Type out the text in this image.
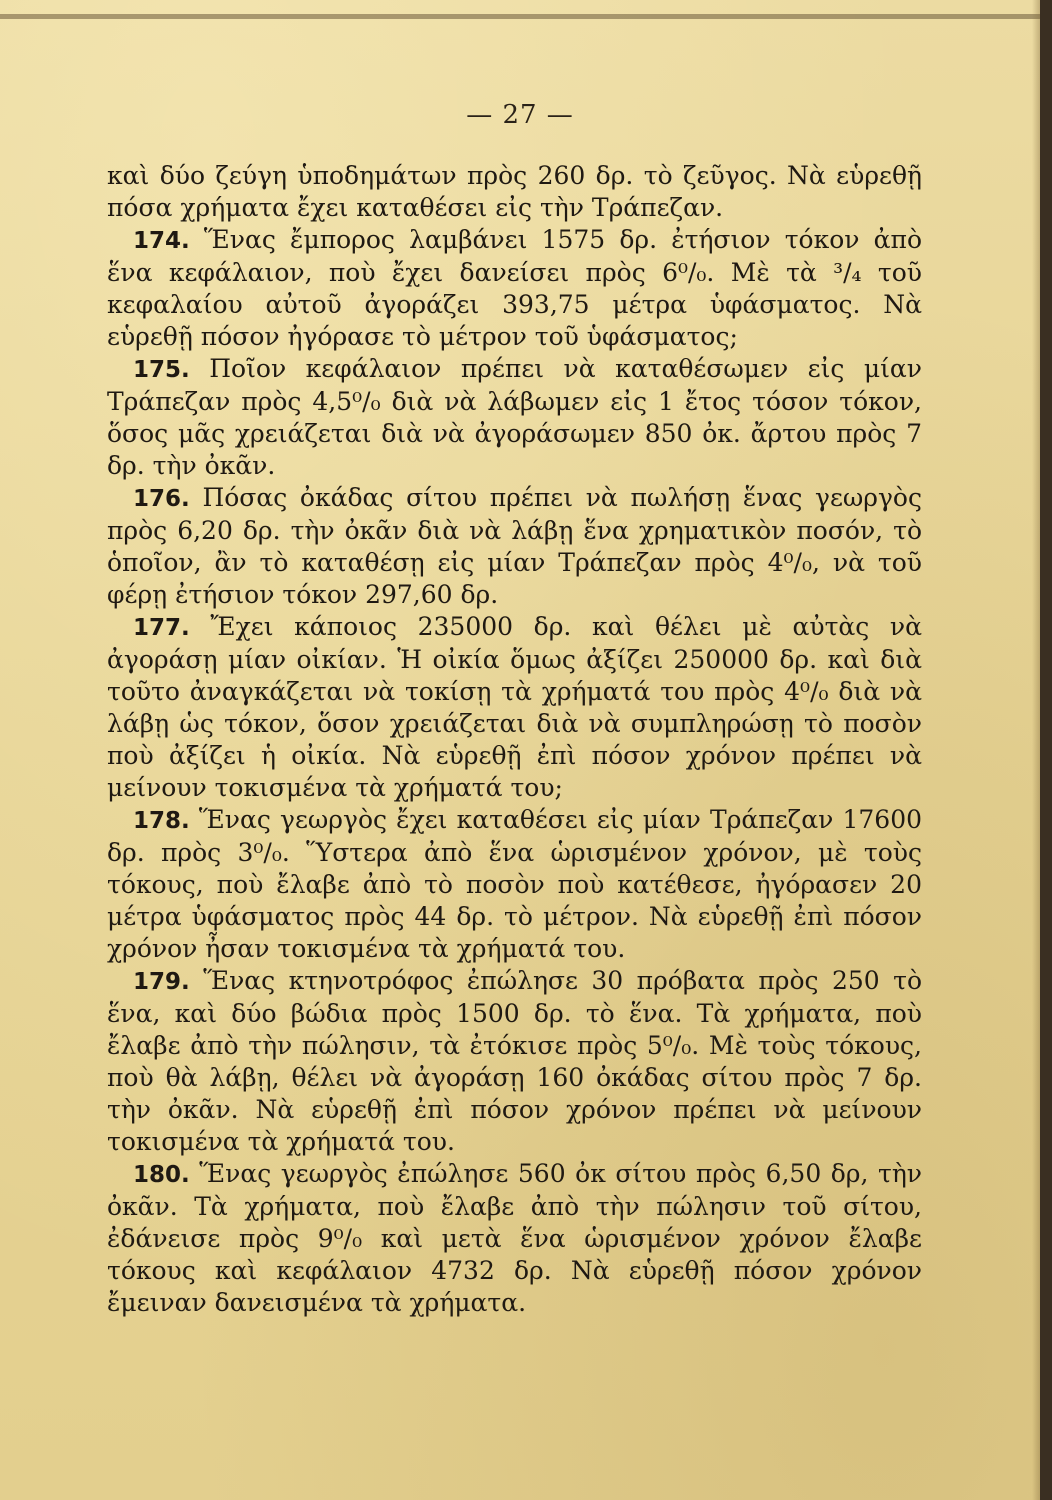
— 27 —

καὶ δύο ζεύγη ὑποδημάτων πρὸς 260 δρ. τὸ ζεῦγος. Νὰ εὑρεθῇ πόσα χρήματα ἔχει καταθέσει εἰς τὴν Τράπεζαν.

174. Ἕνας ἔμπορος λαμβάνει 1575 δρ. ἐτήσιον τόκον ἀπὸ ἕνα κεφάλαιον, ποὺ ἔχει δανείσει πρὸς 6⁰/₀. Μὲ τὰ ³/₄ τοῦ κεφαλαίου αὐτοῦ ἀγοράζει 393,75 μέτρα ὑφάσματος. Νὰ εὑρεθῇ πόσον ἠγόρασε τὸ μέτρον τοῦ ὑφάσματος;

175. Ποῖον κεφάλαιον πρέπει νὰ καταθέσωμεν εἰς μίαν Τράπεζαν πρὸς 4,5⁰/₀ διὰ νὰ λάβωμεν εἰς 1 ἔτος τόσον τόκον, ὅσος μᾶς χρειάζεται διὰ νὰ ἀγοράσωμεν 850 ὀκ. ἄρτου πρὸς 7 δρ. τὴν ὀκᾶν.

176. Πόσας ὀκάδας σίτου πρέπει νὰ πωλήσῃ ἕνας γεωργὸς πρὸς 6,20 δρ. τὴν ὀκᾶν διὰ νὰ λάβῃ ἕνα χρηματικὸν ποσόν, τὸ ὁποῖον, ἂν τὸ καταθέσῃ εἰς μίαν Τράπεζαν πρὸς 4⁰/₀, νὰ τοῦ φέρῃ ἐτήσιον τόκον 297,60 δρ.

177. Ἔχει κάποιος 235000 δρ. καὶ θέλει μὲ αὐτὰς νὰ ἀγοράσῃ μίαν οἰκίαν. Ἡ οἰκία ὅμως ἀξίζει 250000 δρ. καὶ διὰ τοῦτο ἀναγκάζεται νὰ τοκίσῃ τὰ χρήματά του πρὸς 4⁰/₀ διὰ νὰ λάβῃ ὡς τόκον, ὅσον χρειάζεται διὰ νὰ συμπληρώσῃ τὸ ποσὸν ποὺ ἀξίζει ἡ οἰκία. Νὰ εὑρεθῇ ἐπὶ πόσον χρόνον πρέπει νὰ μείνουν τοκισμένα τὰ χρήματά του;

178. Ἕνας γεωργὸς ἔχει καταθέσει εἰς μίαν Τράπεζαν 17600 δρ. πρὸς 3⁰/₀. Ὕστερα ἀπὸ ἕνα ὡρισμένον χρόνον, μὲ τοὺς τόκους, ποὺ ἔλαβε ἀπὸ τὸ ποσὸν ποὺ κατέθεσε, ἠγόρασεν 20 μέτρα ὑφάσματος πρὸς 44 δρ. τὸ μέτρον. Νὰ εὑρεθῇ ἐπὶ πόσον χρόνον ἦσαν τοκισμένα τὰ χρήματά του.

179. Ἕνας κτηνοτρόφος ἐπώλησε 30 πρόβατα πρὸς 250 τὸ ἕνα, καὶ δύο βώδια πρὸς 1500 δρ. τὸ ἕνα. Τὰ χρήματα, ποὺ ἔλαβε ἀπὸ τὴν πώλησιν, τὰ ἐτόκισε πρὸς 5⁰/₀. Μὲ τοὺς τόκους, ποὺ θὰ λάβῃ, θέλει νὰ ἀγοράσῃ 160 ὀκάδας σίτου πρὸς 7 δρ. τὴν ὀκᾶν. Νὰ εὑρεθῇ ἐπὶ πόσον χρόνον πρέπει νὰ μείνουν τοκισμένα τὰ χρήματά του.

180. Ἕνας γεωργὸς ἐπώλησε 560 ὀκ σίτου πρὸς 6,50 δρ, τὴν ὀκᾶν. Τὰ χρήματα, ποὺ ἔλαβε ἀπὸ τὴν πώλησιν τοῦ σίτου, ἐδάνεισε πρὸς 9⁰/₀ καὶ μετὰ ἕνα ὡρισμένον χρόνον ἔλαβε τόκους καὶ κεφάλαιον 4732 δρ. Νὰ εὑρεθῇ πόσον χρόνον ἔμειναν δανεισμένα τὰ χρήματα.
